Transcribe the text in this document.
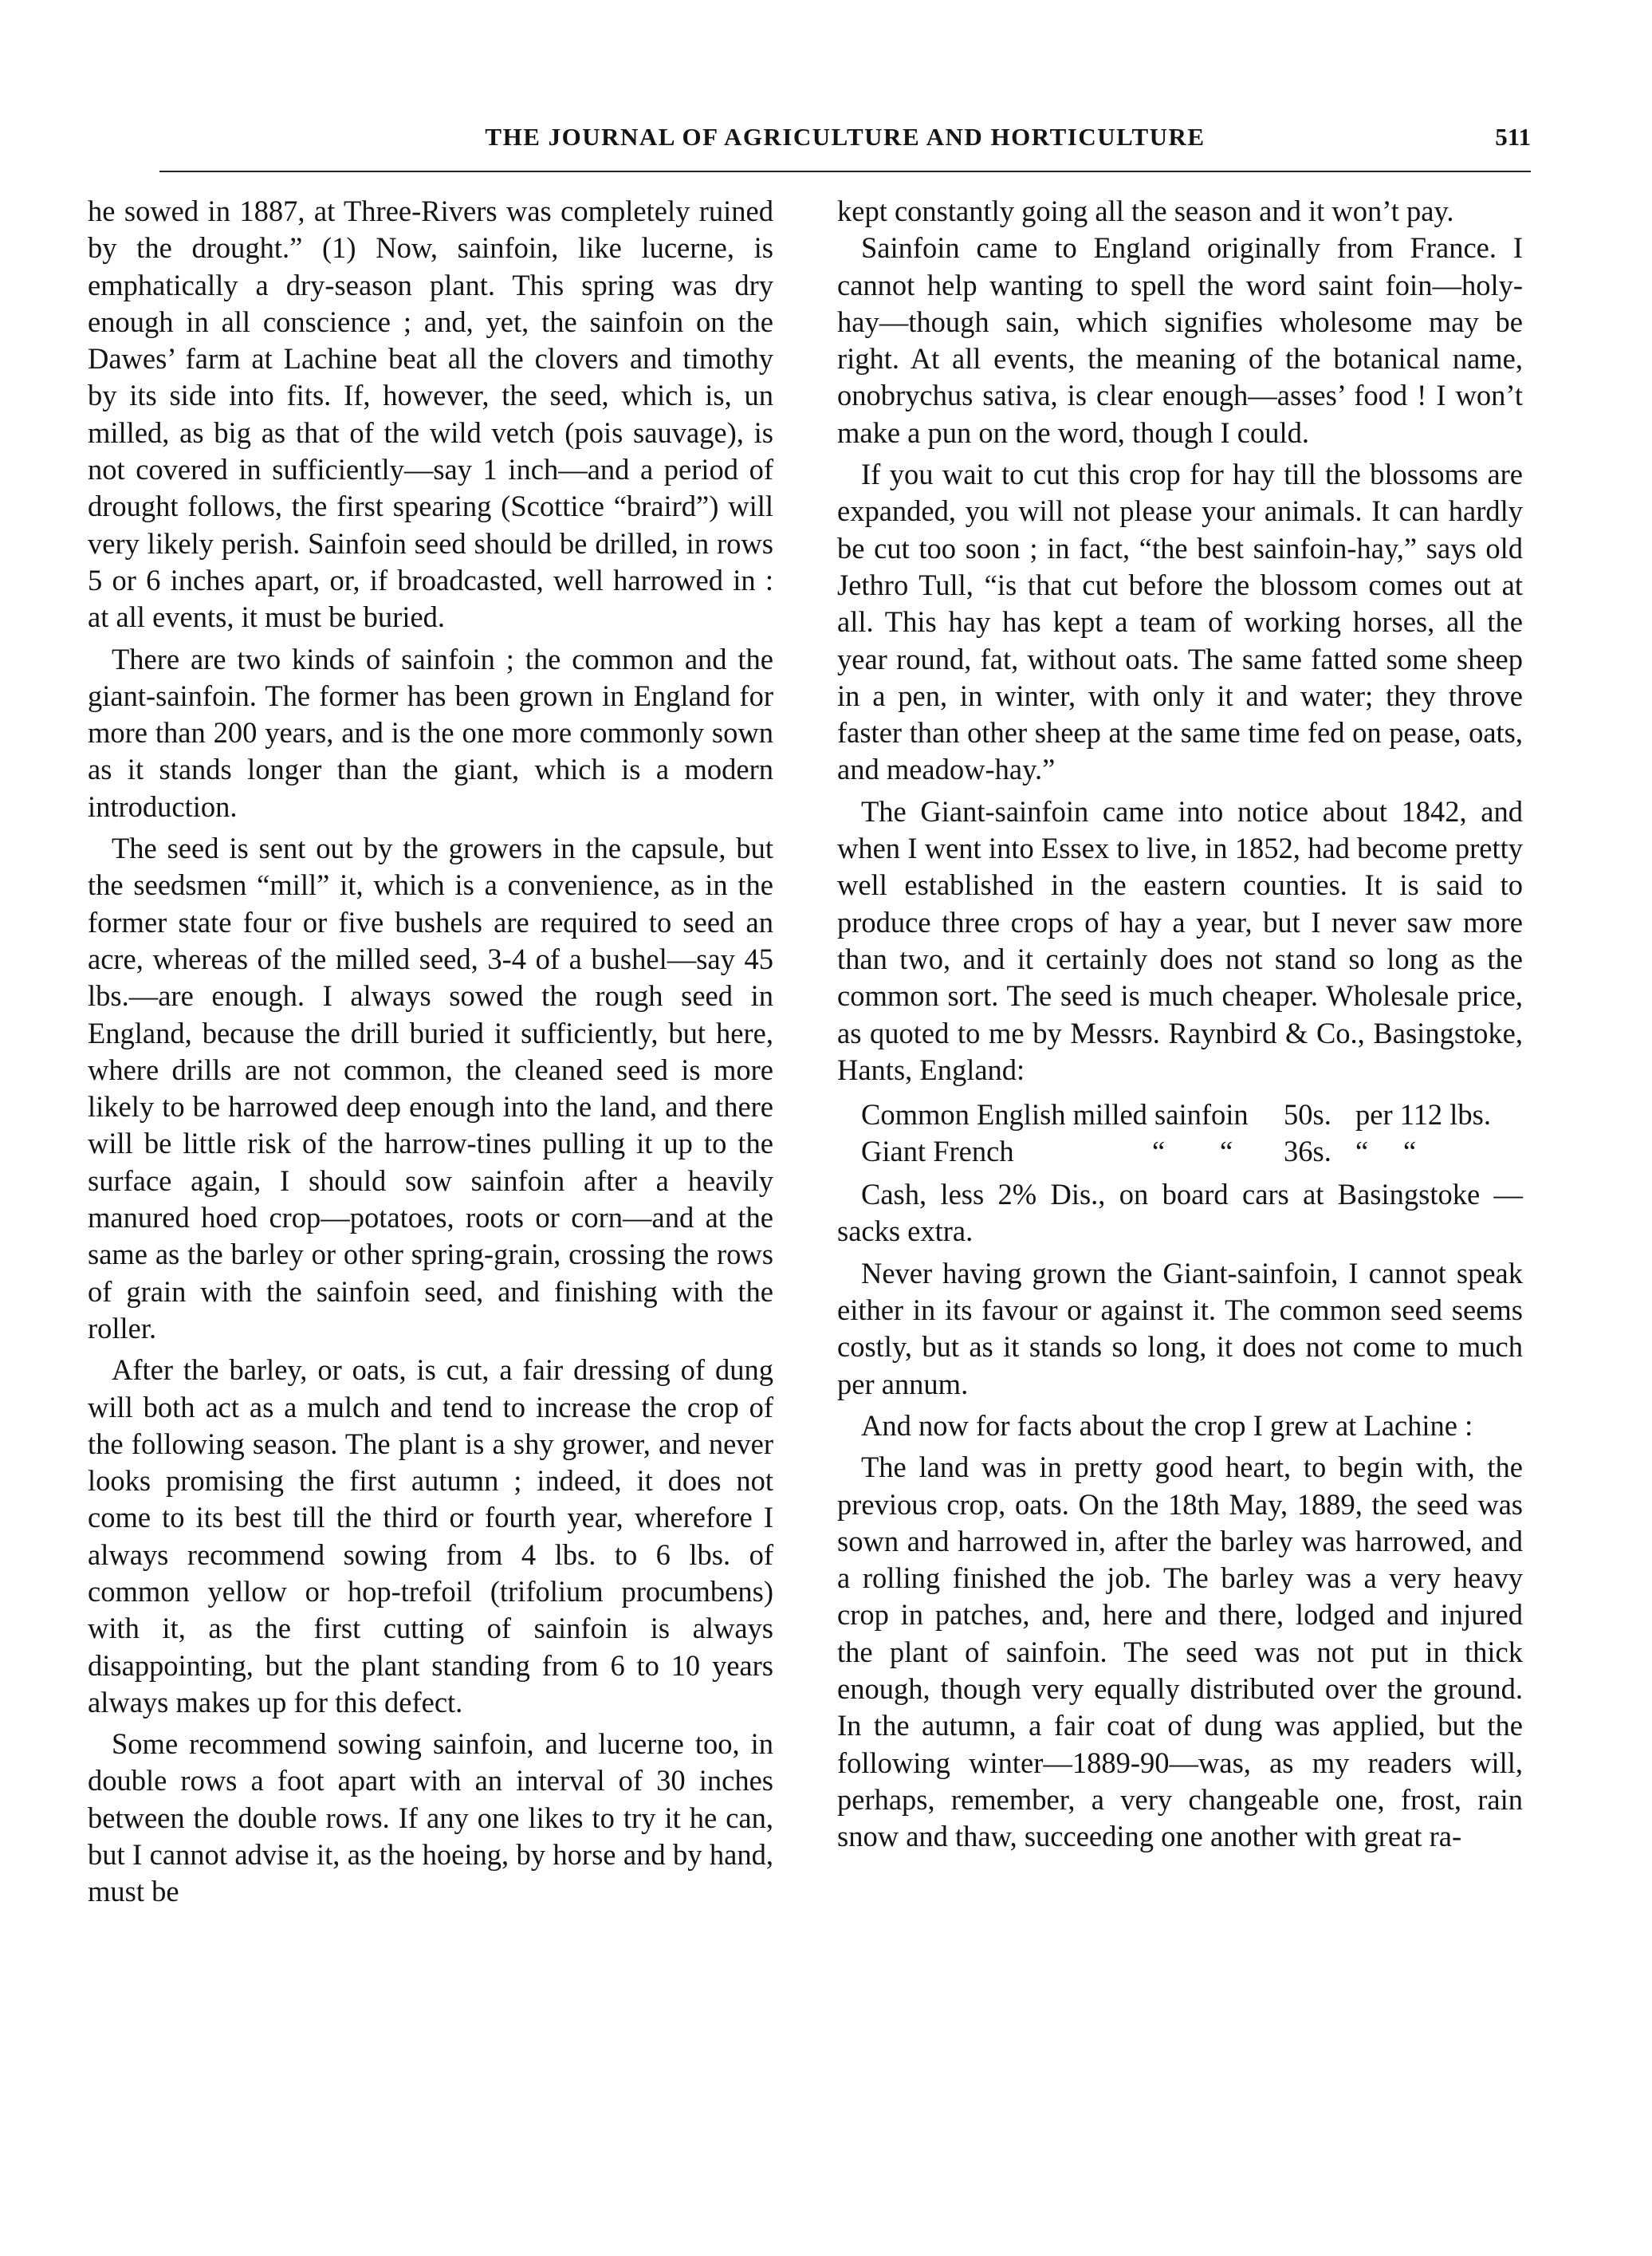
THE JOURNAL OF AGRICULTURE AND HORTICULTURE	511

he sowed in 1887, at Three-Rivers was completely ruined by the drought.” (1) Now, sainfoin, like lucerne, is emphatically a dry-season plant. This spring was dry enough in all conscience ; and, yet, the sainfoin on the Dawes’ farm at Lachine beat all the clovers and timothy by its side into fits. If, however, the seed, which is, un milled, as big as that of the wild vetch (pois sauvage), is not covered in sufficiently—say 1 inch—and a period of drought follows, the first spearing (Scottice “braird”) will very likely perish. Sainfoin seed should be drilled, in rows 5 or 6 inches apart, or, if broadcasted, well harrowed in : at all events, it must be buried.

There are two kinds of sainfoin ; the common and the giant-sainfoin. The former has been grown in England for more than 200 years, and is the one more commonly sown as it stands longer than the giant, which is a modern introduction.

The seed is sent out by the growers in the capsule, but the seedsmen “mill” it, which is a convenience, as in the former state four or five bushels are required to seed an acre, whereas of the milled seed, 3-4 of a bushel—say 45 lbs.—are enough. I always sowed the rough seed in England, because the drill buried it sufficiently, but here, where drills are not common, the cleaned seed is more likely to be harrowed deep enough into the land, and there will be little risk of the harrow-tines pulling it up to the surface again, I should sow sainfoin after a heavily manured hoed crop—potatoes, roots or corn—and at the same as the barley or other spring-grain, crossing the rows of grain with the sainfoin seed, and finishing with the roller.

After the barley, or oats, is cut, a fair dressing of dung will both act as a mulch and tend to increase the crop of the following season. The plant is a shy grower, and never looks promising the first autumn ; indeed, it does not come to its best till the third or fourth year, wherefore I always recommend sowing from 4 lbs. to 6 lbs. of common yellow or hop-trefoil (trifolium procumbens) with it, as the first cutting of sainfoin is always disappointing, but the plant standing from 6 to 10 years always makes up for this defect.

Some recommend sowing sainfoin, and lucerne too, in double rows a foot apart with an interval of 30 inches between the double rows. If any one likes to try it he can, but I cannot advise it, as the hoeing, by horse and by hand, must be

kept constantly going all the season and it won’t pay.

Sainfoin came to England originally from France. I cannot help wanting to spell the word saint foin—holy-hay—though sain, which signifies wholesome may be right. At all events, the meaning of the botanical name, onobrychus sativa, is clear enough—asses’ food ! I won’t make a pun on the word, though I could.

If you wait to cut this crop for hay till the blossoms are expanded, you will not please your animals. It can hardly be cut too soon ; in fact, “the best sainfoin-hay,” says old Jethro Tull, “is that cut before the blossom comes out at all. This hay has kept a team of working horses, all the year round, fat, without oats. The same fatted some sheep in a pen, in winter, with only it and water; they throve faster than other sheep at the same time fed on pease, oats, and meadow-hay.”

The Giant-sainfoin came into notice about 1842, and when I went into Essex to live, in 1852, had become pretty well established in the eastern counties. It is said to produce three crops of hay a year, but I never saw more than two, and it certainly does not stand so long as the common sort. The seed is much cheaper. Wholesale price, as quoted to me by Messrs. Raynbird & Co., Basingstoke, Hants, England:

Common English milled sainfoin 50s. per 112 lbs.
Giant French	“ “ 36s. “ “

Cash, less 2% Dis., on board cars at Basingstoke —sacks extra.

Never having grown the Giant-sainfoin, I cannot speak either in its favour or against it. The common seed seems costly, but as it stands so long, it does not come to much per annum.

And now for facts about the crop I grew at Lachine :

The land was in pretty good heart, to begin with, the previous crop, oats. On the 18th May, 1889, the seed was sown and harrowed in, after the barley was harrowed, and a rolling finished the job. The barley was a very heavy crop in patches, and, here and there, lodged and injured the plant of sainfoin. The seed was not put in thick enough, though very equally distributed over the ground. In the autumn, a fair coat of dung was applied, but the following winter—1889-90—was, as my readers will, perhaps, remember, a very changeable one, frost, rain snow and thaw, succeeding one another with great ra-
